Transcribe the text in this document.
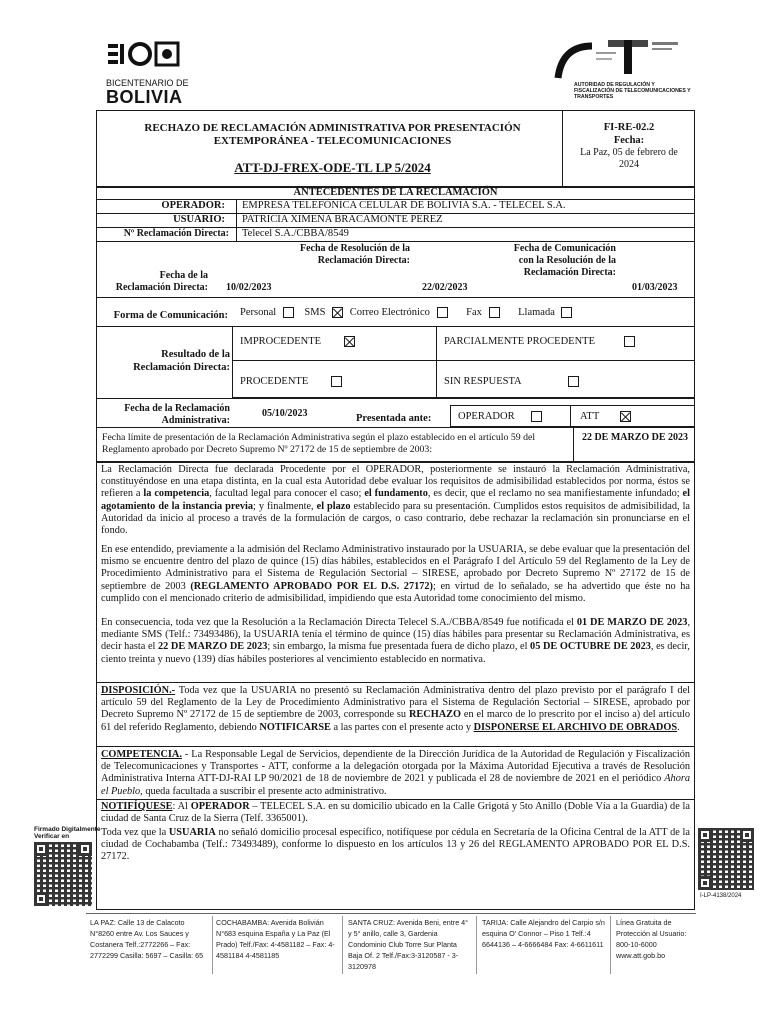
BICENTENARIO DE
BOLIVIA
AUTORIDAD DE REGULACIÓN Y FISCALIZACIÓN DE TELECOMUNICACIONES Y TRANSPORTES
RECHAZO DE RECLAMACIÓN ADMINISTRATIVA POR PRESENTACIÓN
EXTEMPORÁNEA - TELECOMUNICACIONES
ATT-DJ-FREX-ODE-TL LP 5/2024
FI-RE-02.2
Fecha:
La Paz, 05 de febrero de 2024
ANTECEDENTES DE LA RECLAMACIÓN
OPERADOR: EMPRESA TELEFÓNICA CELULAR DE BOLIVIA S.A. - TELECEL S.A.
USUARIO: PATRICIA XIMENA BRACAMONTE PEREZ
Nº Reclamación Directa: Telecel S.A./CBBA/8549
Fecha de la Reclamación Directa: 10/02/2023
Fecha de Resolución de la Reclamación Directa:
22/02/2023
Fecha de Comunicación con la Resolución de la Reclamación Directa:
01/03/2023
Forma de Comunicación: Personal	SMS Correo Electrónico	Fax	Llamada
Resultado de la Reclamación Directa:
IMPROCEDENTE	PARCIALMENTE PROCEDENTE
PROCEDENTE	SIN RESPUESTA
Fecha de la Reclamación Administrativa:
05/10/2023	Presentada ante:	OPERADOR	ATT
Fecha límite de presentación de la Reclamación Administrativa según el plazo establecido en el artículo 59 del Reglamento aprobado por Decreto Supremo Nº 27172 de 15 de septiembre de 2003:
22 DE MARZO DE 2023
La Reclamación Directa fue declarada Procedente por el OPERADOR, posteriormente se instauró la Reclamación Administrativa, constituyéndose en una etapa distinta, en la cual esta Autoridad debe evaluar los requisitos de admisibilidad establecidos por norma, éstos se refieren a la competencia, facultad legal para conocer el caso; el fundamento, es decir, que el reclamo no sea manifiestamente infundado; el agotamiento de la instancia previa; y finalmente, el plazo establecido para su presentación. Cumplidos estos requisitos de admisibilidad, la Autoridad da inicio al proceso a través de la formulación de cargos, o caso contrario, debe rechazar la reclamación sin pronunciarse en el fondo.
En ese entendido, previamente a la admisión del Reclamo Administrativo instaurado por la USUARIA, se debe evaluar que la presentación del mismo se encuentre dentro del plazo de quince (15) días hábiles, establecidos en el Parágrafo I del Artículo 59 del Reglamento de la Ley de Procedimiento Administrativo para el Sistema de Regulación Sectorial – SIRESE, aprobado por Decreto Supremo Nº 27172 de 15 de septiembre de 2003 (REGLAMENTO APROBADO POR EL D.S. 27172); en virtud de lo señalado, se ha advertido que éste no ha cumplido con el mencionado criterio de admisibilidad, impidiendo que esta Autoridad tome conocimiento del mismo.
En consecuencia, toda vez que la Resolución a la Reclamación Directa Telecel S.A./CBBA/8549 fue notificada el 01 DE MARZO DE 2023, mediante SMS (Telf.: 73493486), la USUARIA tenía el término de quince (15) días hábiles para presentar su Reclamación Administrativa, es decir hasta el 22 DE MARZO DE 2023; sin embargo, la misma fue presentada fuera de dicho plazo, el 05 DE OCTUBRE DE 2023, es decir, ciento treinta y nuevo (139) días hábiles posteriores al vencimiento establecido en normativa.
DISPOSICIÓN.- Toda vez que la USUARIA no presentó su Reclamación Administrativa dentro del plazo previsto por el parágrafo I del artículo 59 del Reglamento de la Ley de Procedimiento Administrativo para el Sistema de Regulación Sectorial – SIRESE, aprobado por Decreto Supremo Nº 27172 de 15 de septiembre de 2003, corresponde su RECHAZO en el marco de lo prescrito por el inciso a) del artículo 61 del referido Reglamento, debiendo NOTIFICARSE a las partes con el presente acto y DISPONERSE EL ARCHIVO DE OBRADOS.
COMPETENCIA. - La Responsable Legal de Servicios, dependiente de la Dirección Jurídica de la Autoridad de Regulación y Fiscalización de Telecomunicaciones y Transportes - ATT, conforme a la delegación otorgada por la Máxima Autoridad Ejecutiva a través de Resolución Administrativa Interna ATT-DJ-RAI LP 90/2021 de 18 de noviembre de 2021 y publicada el 28 de noviembre de 2021 en el periódico Ahora el Pueblo, queda facultada a suscribir el presente acto administrativo.
NOTIFÍQUESE: Al OPERADOR – TELECEL S.A. en su domicilio ubicado en la Calle Grigotá y 5to Anillo (Doble Vía a la Guardia) de la ciudad de Santa Cruz de la Sierra (Telf. 3365001).
Toda vez que la USUARIA no señaló domicilio procesal específico, notifíquese por cédula en Secretaría de la Oficina Central de la ATT de la ciudad de Cochabamba (Telf.: 73493489), conforme lo dispuesto en los artículos 13 y 26 del REGLAMENTO APROBADO POR EL D.S. 27172.
Firmado Digitalmente
Verificar en
I-LP-4138/2024
LA PAZ: Calle 13 de Calacoto N°8260 entre Av. Los Sauces y Costanera Telf.:2772266 – Fax: 2772299 Casilla: 5697 – Casilla: 65
COCHABAMBA: Avenida Bolivián N°683 esquina España y La Paz (El Prado) Telf./Fax: 4-4581182 – Fax: 4-4581184 4-4581185
SANTA CRUZ: Avenida Beni, entre 4° y 5° anillo, calle 3, Gardenia Condominio Club Torre Sur Planta Baja Of. 2 Telf./Fax:3-3120587 - 3-3120978
TARIJA: Calle Alejandro del Carpio s/n esquina O' Connor – Piso 1 Telf.:4 6644136 – 4-6666484 Fax: 4-6611611
Línea Gratuita de Protección al Usuario: 800-10-6000 www.att.gob.bo
